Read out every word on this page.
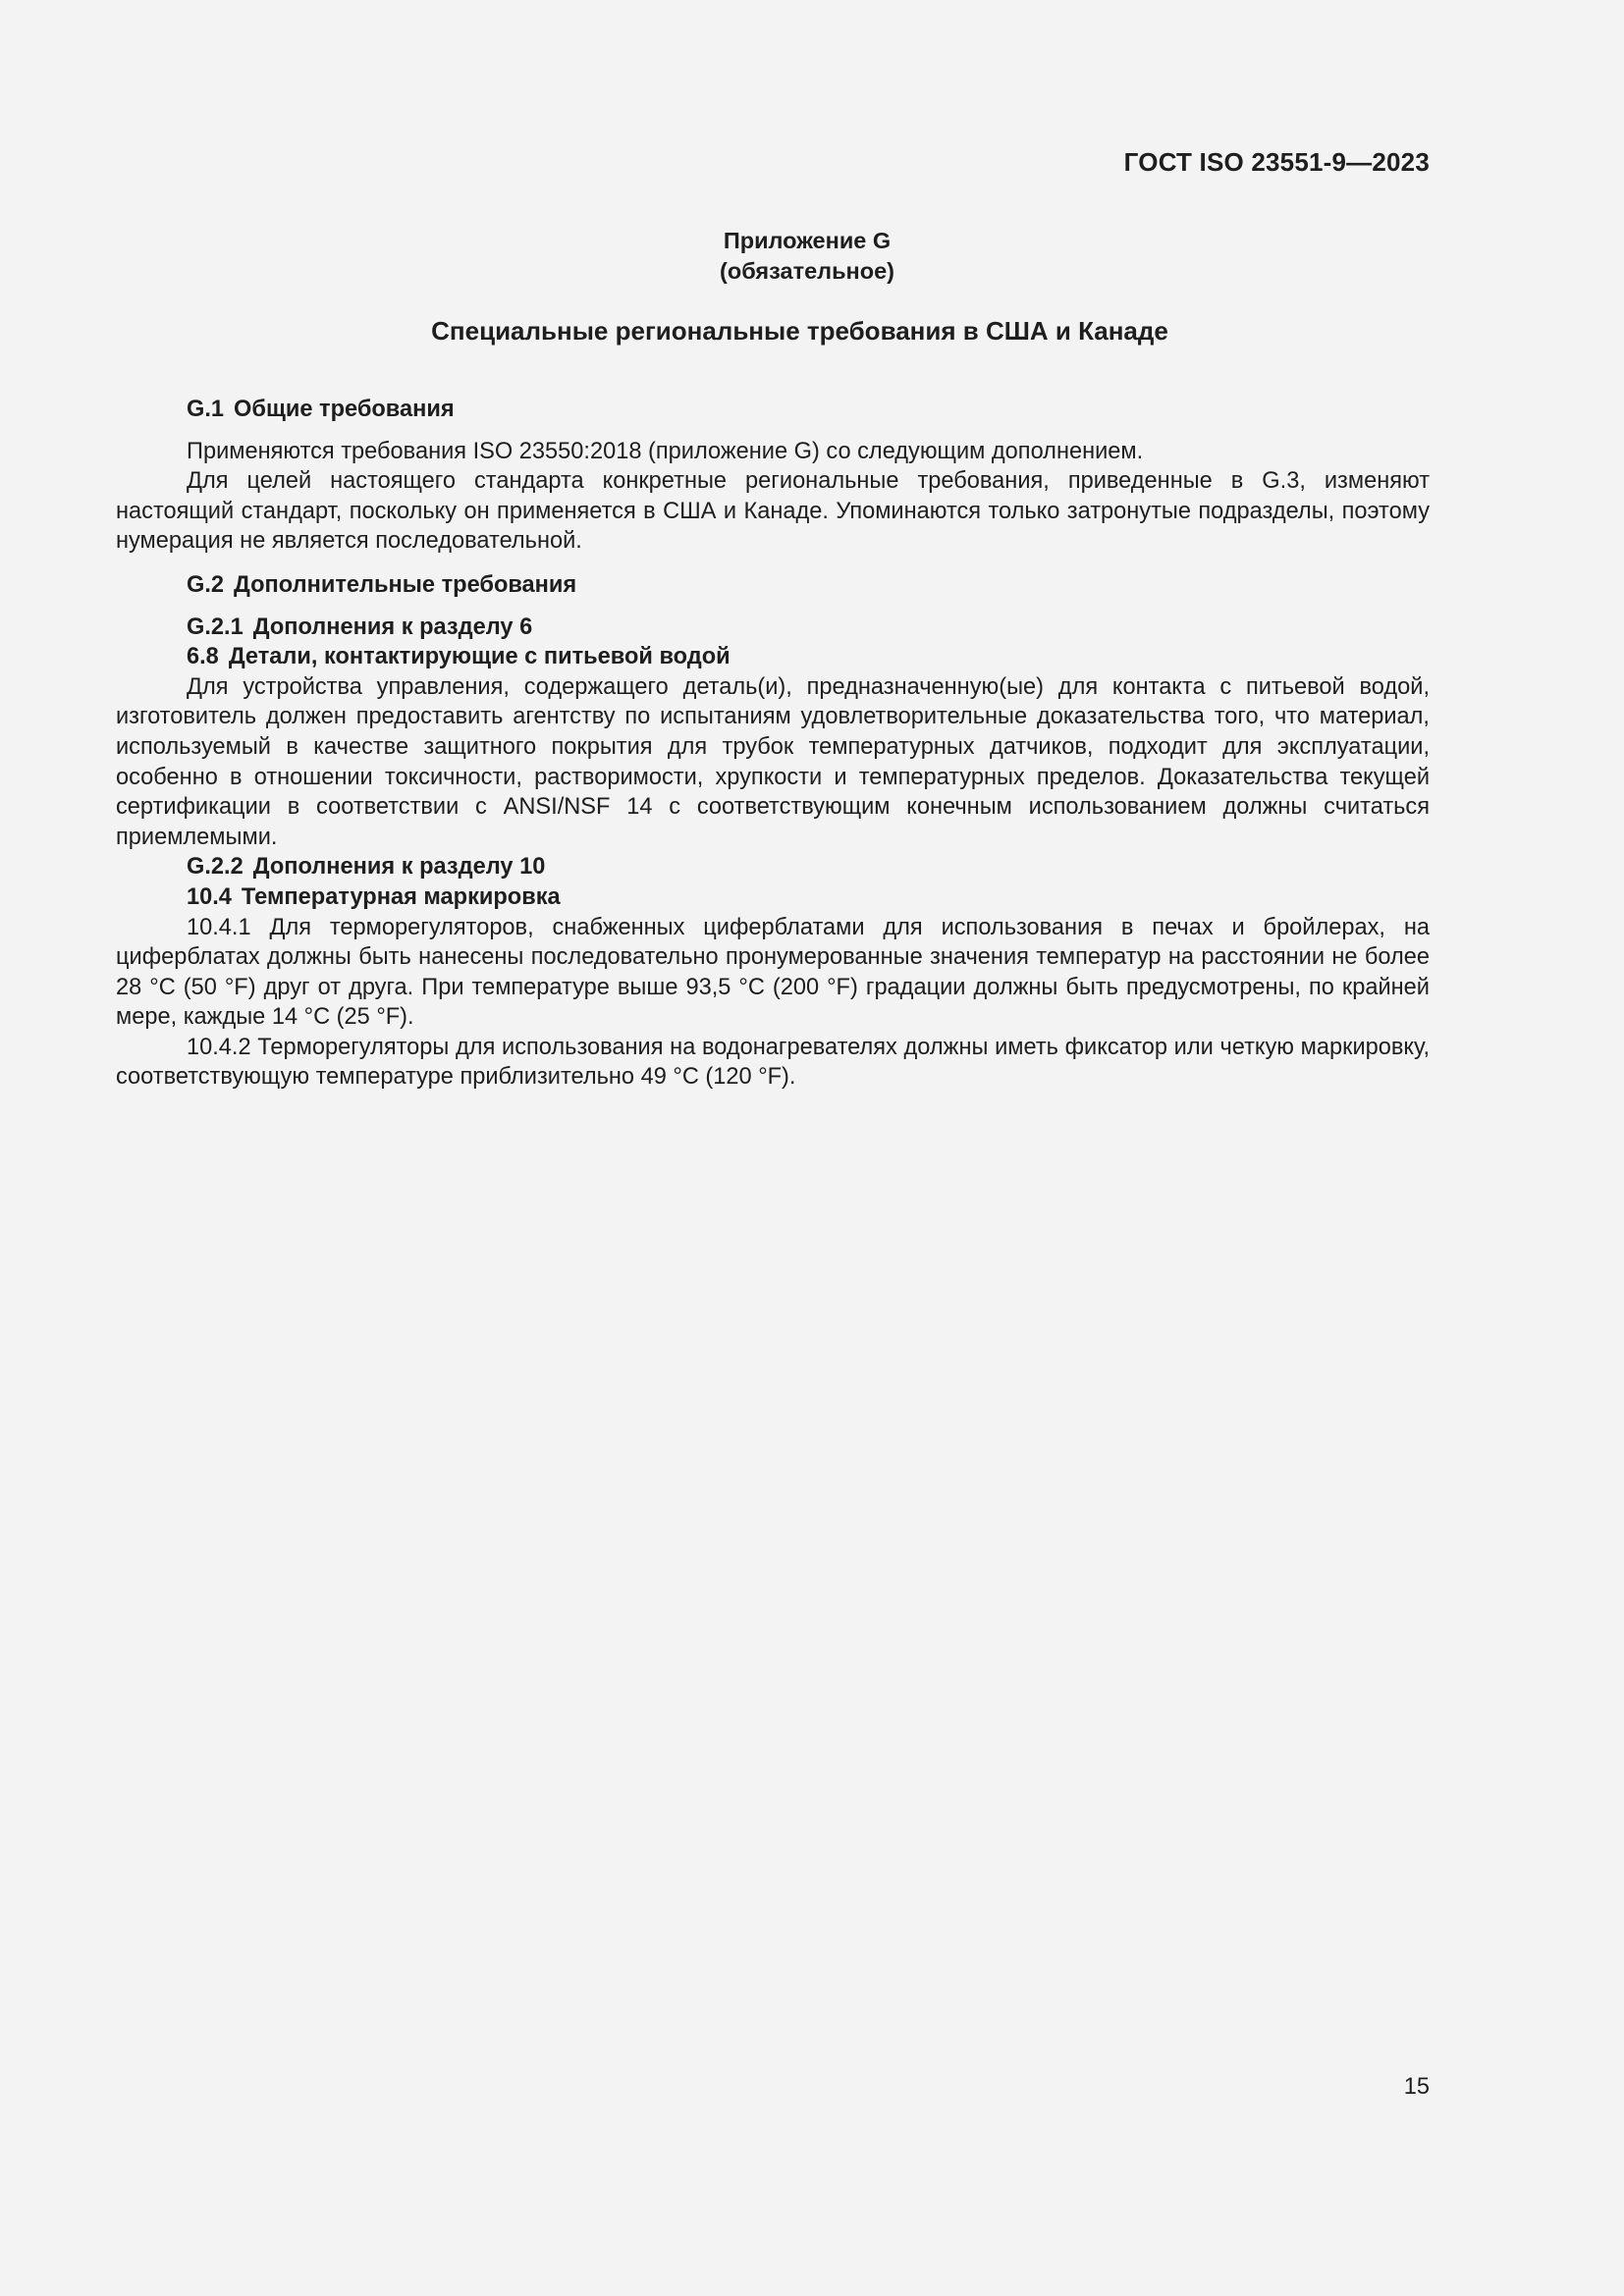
ГОСТ ISO 23551-9—2023
Приложение G
(обязательное)
Специальные региональные требования в США и Канаде
G.1 Общие требования

Применяются требования ISO 23550:2018 (приложение G) со следующим дополнением.

Для целей настоящего стандарта конкретные региональные требования, приведенные в G.3, изменяют настоящий стандарт, поскольку он применяется в США и Канаде. Упоминаются только затронутые подразделы, поэтому нумерация не является последовательной.

G.2 Дополнительные требования
G.2.1 Дополнения к разделу 6
6.8 Детали, контактирующие с питьевой водой

Для устройства управления, содержащего деталь(и), предназначенную(ые) для контакта с питьевой водой, изготовитель должен предоставить агентству по испытаниям удовлетворительные доказательства того, что материал, используемый в качестве защитного покрытия для трубок температурных датчиков, подходит для эксплуатации, особенно в отношении токсичности, растворимости, хрупкости и температурных пределов. Доказательства текущей сертификации в соответствии с ANSI/NSF 14 с соответствующим конечным использованием должны считаться приемлемыми.

G.2.2 Дополнения к разделу 10
10.4 Температурная маркировка

10.4.1 Для терморегуляторов, снабженных циферблатами для использования в печах и бройлерах, на циферблатах должны быть нанесены последовательно пронумерованные значения температур на расстоянии не более 28 °C (50 °F) друг от друга. При температуре выше 93,5 °C (200 °F) градации должны быть предусмотрены, по крайней мере, каждые 14 °C (25 °F).

10.4.2 Терморегуляторы для использования на водонагревателях должны иметь фиксатор или четкую маркировку, соответствующую температуре приблизительно 49 °C (120 °F).

15
